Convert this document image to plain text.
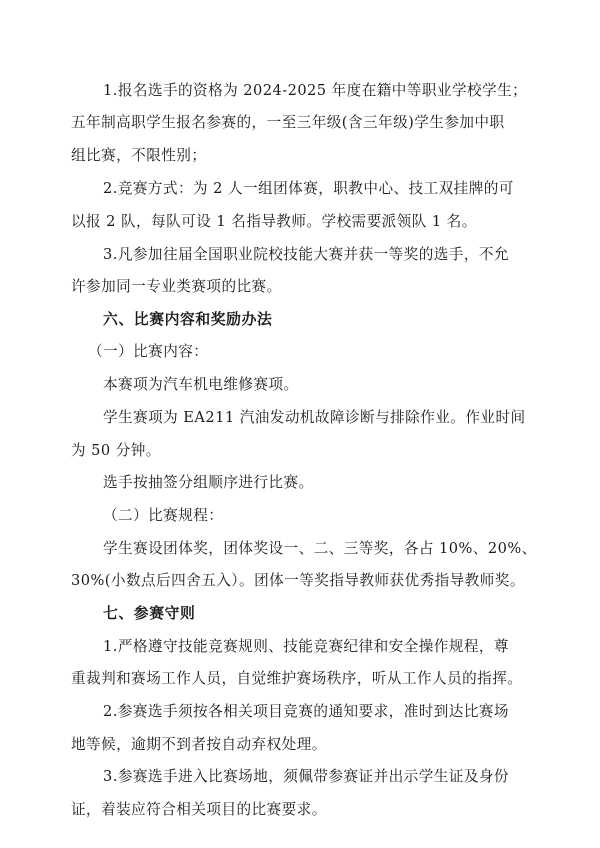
1.报名选手的资格为 2024-2025 年度在籍中等职业学校学生；
五年制高职学生报名参赛的，一至三年级(含三年级)学生参加中职
组比赛，不限性别；
2.竞赛方式：为 2 人一组团体赛，职教中心、技工双挂牌的可
以报 2 队，每队可设 1 名指导教师。学校需要派领队 1 名。
3.凡参加往届全国职业院校技能大赛并获一等奖的选手，不允
许参加同一专业类赛项的比赛。
六、比赛内容和奖励办法
（一）比赛内容：
本赛项为汽车机电维修赛项。
学生赛项为 EA211 汽油发动机故障诊断与排除作业。作业时间
为 50 分钟。
选手按抽签分组顺序进行比赛。
（二）比赛规程：
学生赛设团体奖，团体奖设一、二、三等奖，各占 10%、20%、
30%(小数点后四舍五入）。团体一等奖指导教师获优秀指导教师奖。
七、参赛守则
1.严格遵守技能竞赛规则、技能竞赛纪律和安全操作规程，尊
重裁判和赛场工作人员，自觉维护赛场秩序，听从工作人员的指挥。
2.参赛选手须按各相关项目竞赛的通知要求，准时到达比赛场
地等候，逾期不到者按自动弃权处理。
3.参赛选手进入比赛场地，须佩带参赛证并出示学生证及身份
证，着装应符合相关项目的比赛要求。
